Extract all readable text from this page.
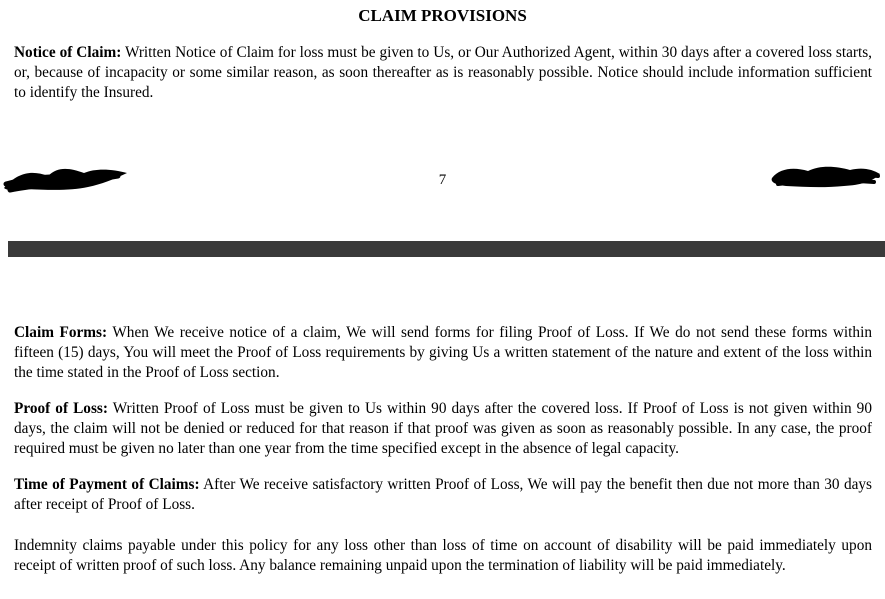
CLAIM PROVISIONS

Notice of Claim: Written Notice of Claim for loss must be given to Us, or Our Authorized Agent, within 30 days after a covered loss starts, or, because of incapacity or some similar reason, as soon thereafter as is reasonably possible. Notice should include information sufficient to identify the Insured.

7

Claim Forms: When We receive notice of a claim, We will send forms for filing Proof of Loss. If We do not send these forms within fifteen (15) days, You will meet the Proof of Loss requirements by giving Us a written statement of the nature and extent of the loss within the time stated in the Proof of Loss section.

Proof of Loss: Written Proof of Loss must be given to Us within 90 days after the covered loss. If Proof of Loss is not given within 90 days, the claim will not be denied or reduced for that reason if that proof was given as soon as reasonably possible. In any case, the proof required must be given no later than one year from the time specified except in the absence of legal capacity.

Time of Payment of Claims: After We receive satisfactory written Proof of Loss, We will pay the benefit then due not more than 30 days after receipt of Proof of Loss.

Indemnity claims payable under this policy for any loss other than loss of time on account of disability will be paid immediately upon receipt of written proof of such loss. Any balance remaining unpaid upon the termination of liability will be paid immediately.
